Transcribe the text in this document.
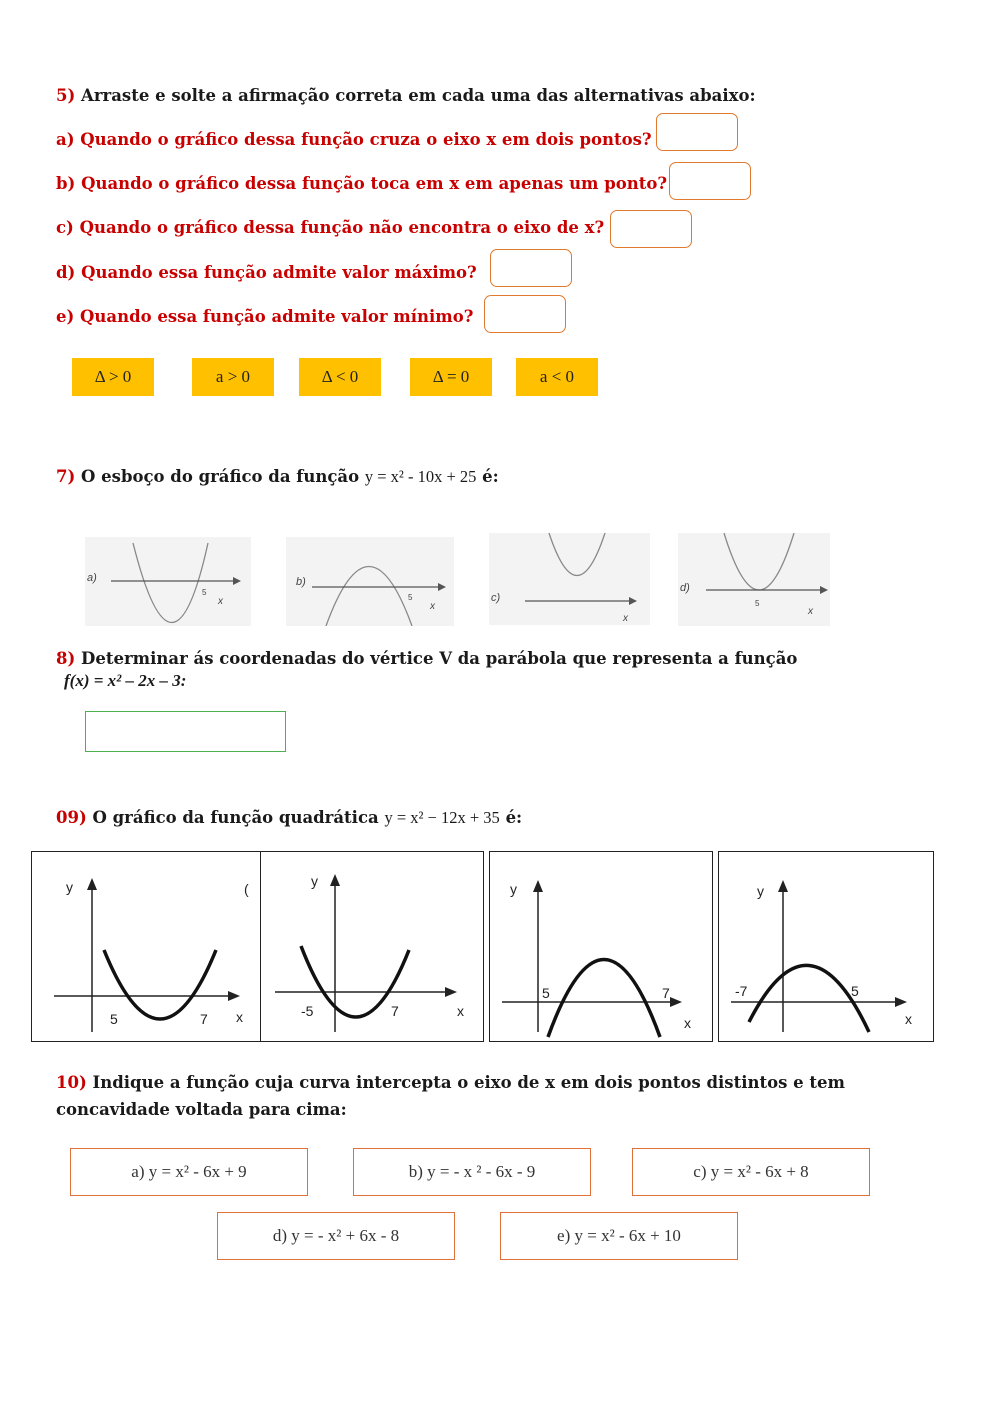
5) Arraste e solte a afirmação correta em cada uma das alternativas abaixo:
a) Quando o gráfico dessa função cruza o eixo x em dois pontos?
b) Quando o gráfico dessa função toca em x em apenas um ponto?
c) Quando o gráfico dessa função não encontra o eixo de x?
d) Quando essa função admite valor máximo?
e) Quando essa função admite valor mínimo?
Δ > 0	a > 0	Δ < 0	Δ = 0	a < 0
7) O esboço do gráfico da função y = x² - 10x + 25 é:
a)
5
x
b)
5
x
c)
x
d)
5
x
8) Determinar ás coordenadas do vértice V da parábola que representa a função
f(x) = x² – 2x – 3:
09) O gráfico da função quadrática y = x² − 12x + 35 é:
y
5	7 x
(	y
-5	7	x
y
5	7
x
y
-7	5
x
10) Indique a função cuja curva intercepta o eixo de x em dois pontos distintos e tem
concavidade voltada para cima:
a) y = x² - 6x + 9	b) y = - x ² - 6x - 9	c) y = x² - 6x + 8
d) y = - x² + 6x - 8	e) y = x² - 6x + 10
